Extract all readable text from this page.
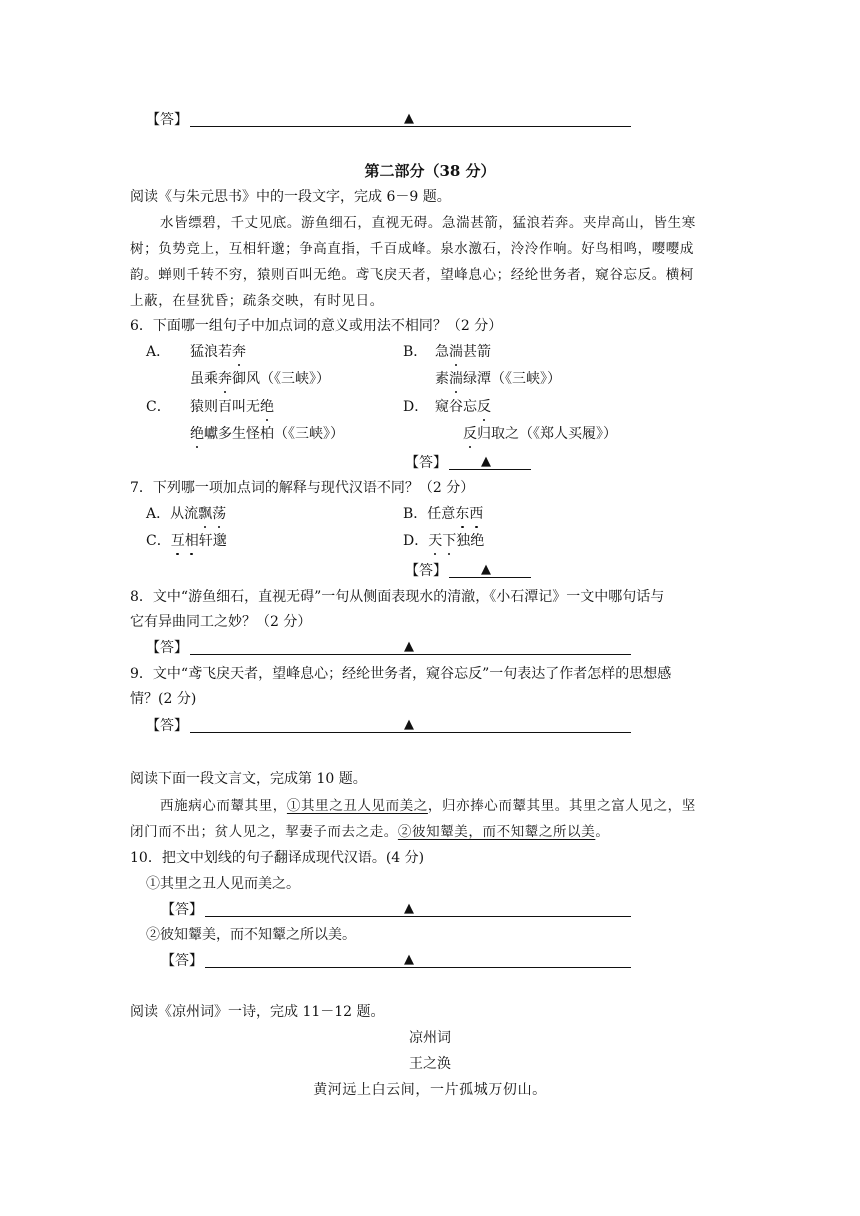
【答】	▲
第二部分（38 分）
阅读《与朱元思书》中的一段文字，完成 6－9 题。
水皆缥碧，千丈见底。游鱼细石，直视无碍。急湍甚箭，猛浪若奔。夹岸高山，皆生寒
树；负势竞上，互相轩邈；争高直指，千百成峰。泉水激石，泠泠作响。好鸟相鸣，嘤嘤成
韵。蝉则千转不穷，猿则百叫无绝。鸢飞戾天者，望峰息心；经纶世务者，窥谷忘反。横柯
上蔽，在昼犹昏；疏条交映，有时见日。
6．下面哪一组句子中加点词的意义或用法不相同？（2 分）
A． 猛浪若奔
虽乘奔御风（《三峡》）
B． 急湍甚箭
素湍绿潭（《三峡》）
C． 猿则百叫无绝
绝巘多生怪柏（《三峡》）
D． 窥谷忘反
反归取之（《郑人买履》）
【答】	▲
7．下列哪一项加点词的解释与现代汉语不同？（2 分）
A．从流飘荡	B．任意东西
C．互相轩邈	D．天下独绝
【答】	▲
8．文中“游鱼细石，直视无碍”一句从侧面表现水的清澈，《小石潭记》一文中哪句话与
它有异曲同工之妙？（2 分）
【答】	▲
9．文中“鸢飞戾天者，望峰息心；经纶世务者，窥谷忘反”一句表达了作者怎样的思想感
情？(2 分)
【答】	▲
阅读下面一段文言文，完成第 10 题。
西施病心而颦其里，①其里之丑人见而美之，归亦捧心而颦其里。其里之富人见之，坚
闭门而不出；贫人见之，挈妻子而去之走。②彼知颦美，而不知颦之所以美。
10．把文中划线的句子翻译成现代汉语。(4 分)
①其里之丑人见而美之。
【答】	▲
②彼知颦美，而不知颦之所以美。
【答】	▲
阅读《凉州词》一诗，完成 11－12 题。
凉州词
王之涣
黄河远上白云间，一片孤城万仞山。
